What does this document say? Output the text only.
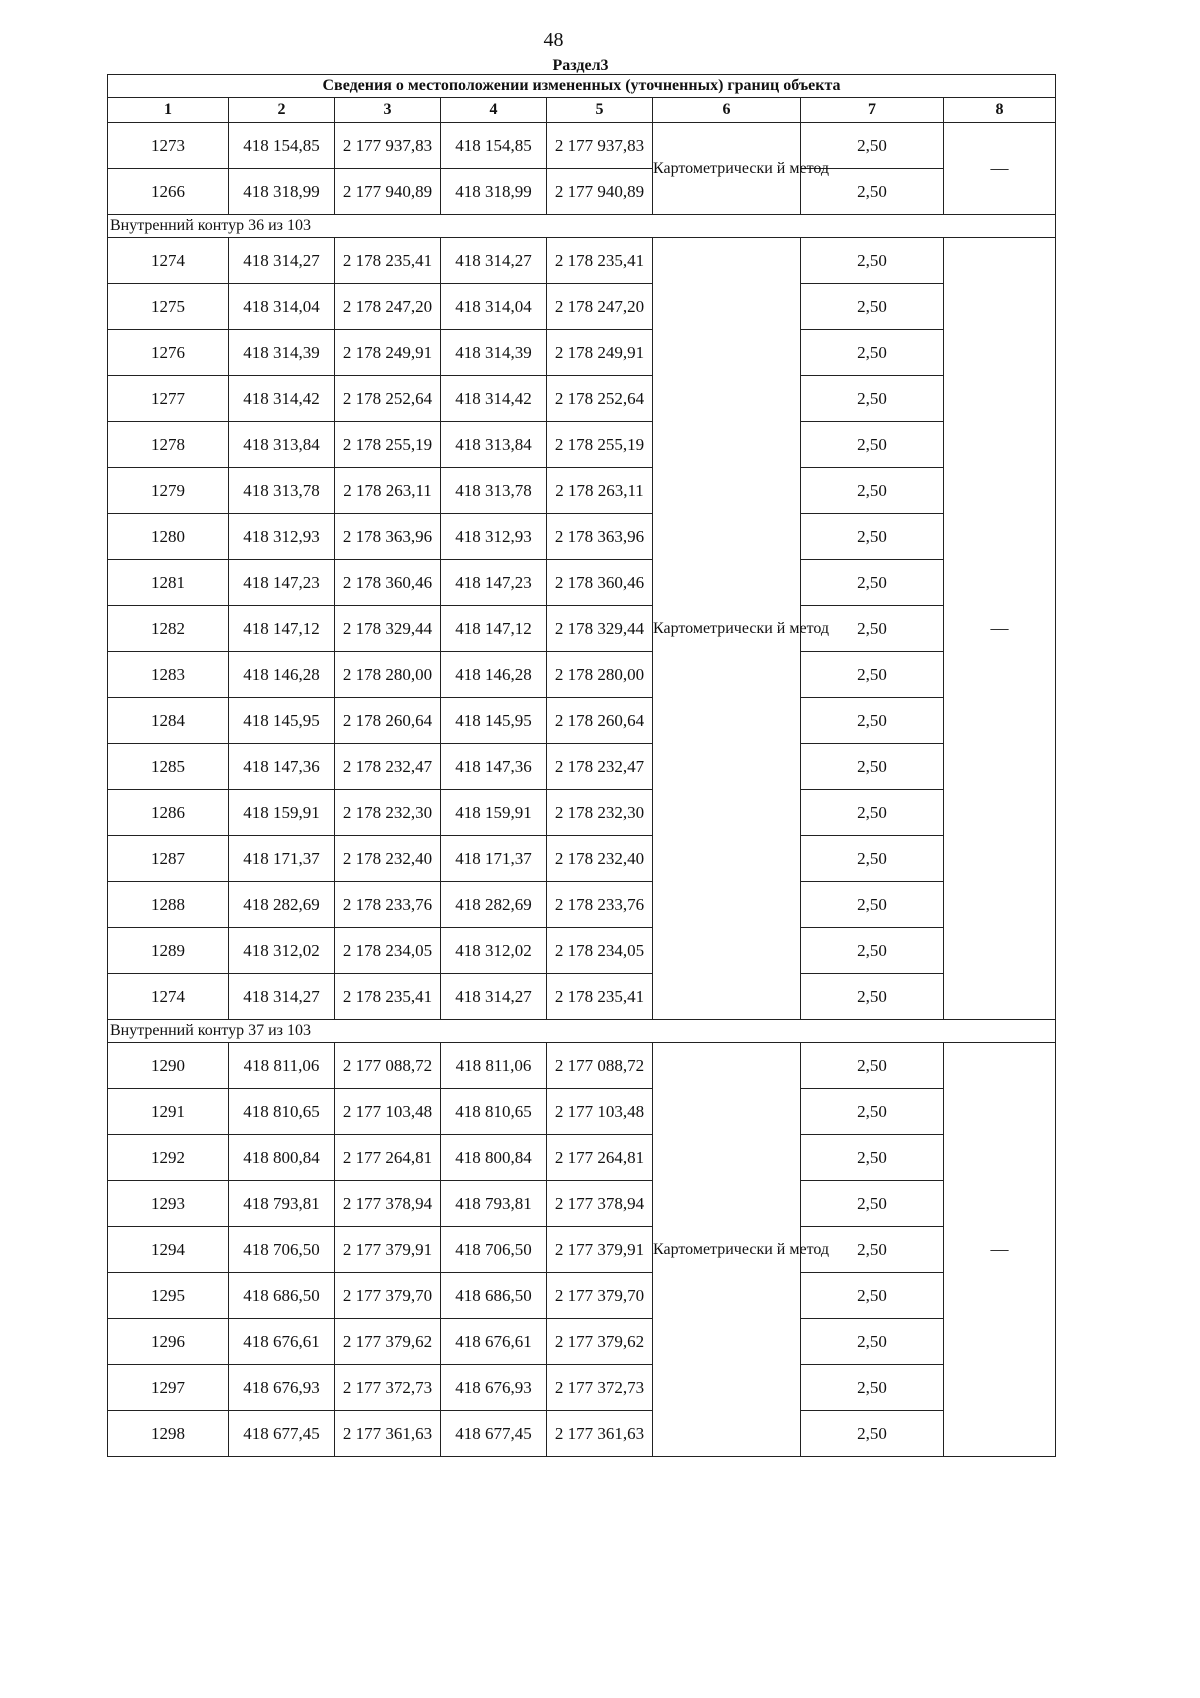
48
Раздел3
Сведения о местоположении измененных (уточненных) границ объекта							
1	2	3	4	5	6	7	8
1273	418 154,85	2 177 937,83	418 154,85	2 177 937,83	Картометрически й метод	2,50	—
1266	418 318,99	2 177 940,89	418 318,99	2 177 940,89		2,50	
Внутренний контур 36 из 103							
1274	418 314,27	2 178 235,41	418 314,27	2 178 235,41	Картометрически й метод	2,50	—
1275	418 314,04	2 178 247,20	418 314,04	2 178 247,20		2,50	
1276	418 314,39	2 178 249,91	418 314,39	2 178 249,91		2,50	
1277	418 314,42	2 178 252,64	418 314,42	2 178 252,64		2,50	
1278	418 313,84	2 178 255,19	418 313,84	2 178 255,19		2,50	
1279	418 313,78	2 178 263,11	418 313,78	2 178 263,11		2,50	
1280	418 312,93	2 178 363,96	418 312,93	2 178 363,96		2,50	
1281	418 147,23	2 178 360,46	418 147,23	2 178 360,46		2,50	
1282	418 147,12	2 178 329,44	418 147,12	2 178 329,44		2,50	
1283	418 146,28	2 178 280,00	418 146,28	2 178 280,00		2,50	
1284	418 145,95	2 178 260,64	418 145,95	2 178 260,64		2,50	
1285	418 147,36	2 178 232,47	418 147,36	2 178 232,47		2,50	
1286	418 159,91	2 178 232,30	418 159,91	2 178 232,30		2,50	
1287	418 171,37	2 178 232,40	418 171,37	2 178 232,40		2,50	
1288	418 282,69	2 178 233,76	418 282,69	2 178 233,76		2,50	
1289	418 312,02	2 178 234,05	418 312,02	2 178 234,05		2,50	
1274	418 314,27	2 178 235,41	418 314,27	2 178 235,41		2,50	
Внутренний контур 37 из 103							
1290	418 811,06	2 177 088,72	418 811,06	2 177 088,72	Картометрически й метод	2,50	—
1291	418 810,65	2 177 103,48	418 810,65	2 177 103,48		2,50	
1292	418 800,84	2 177 264,81	418 800,84	2 177 264,81		2,50	
1293	418 793,81	2 177 378,94	418 793,81	2 177 378,94		2,50	
1294	418 706,50	2 177 379,91	418 706,50	2 177 379,91		2,50	
1295	418 686,50	2 177 379,70	418 686,50	2 177 379,70		2,50	
1296	418 676,61	2 177 379,62	418 676,61	2 177 379,62		2,50	
1297	418 676,93	2 177 372,73	418 676,93	2 177 372,73		2,50	
1298	418 677,45	2 177 361,63	418 677,45	2 177 361,63		2,50	
